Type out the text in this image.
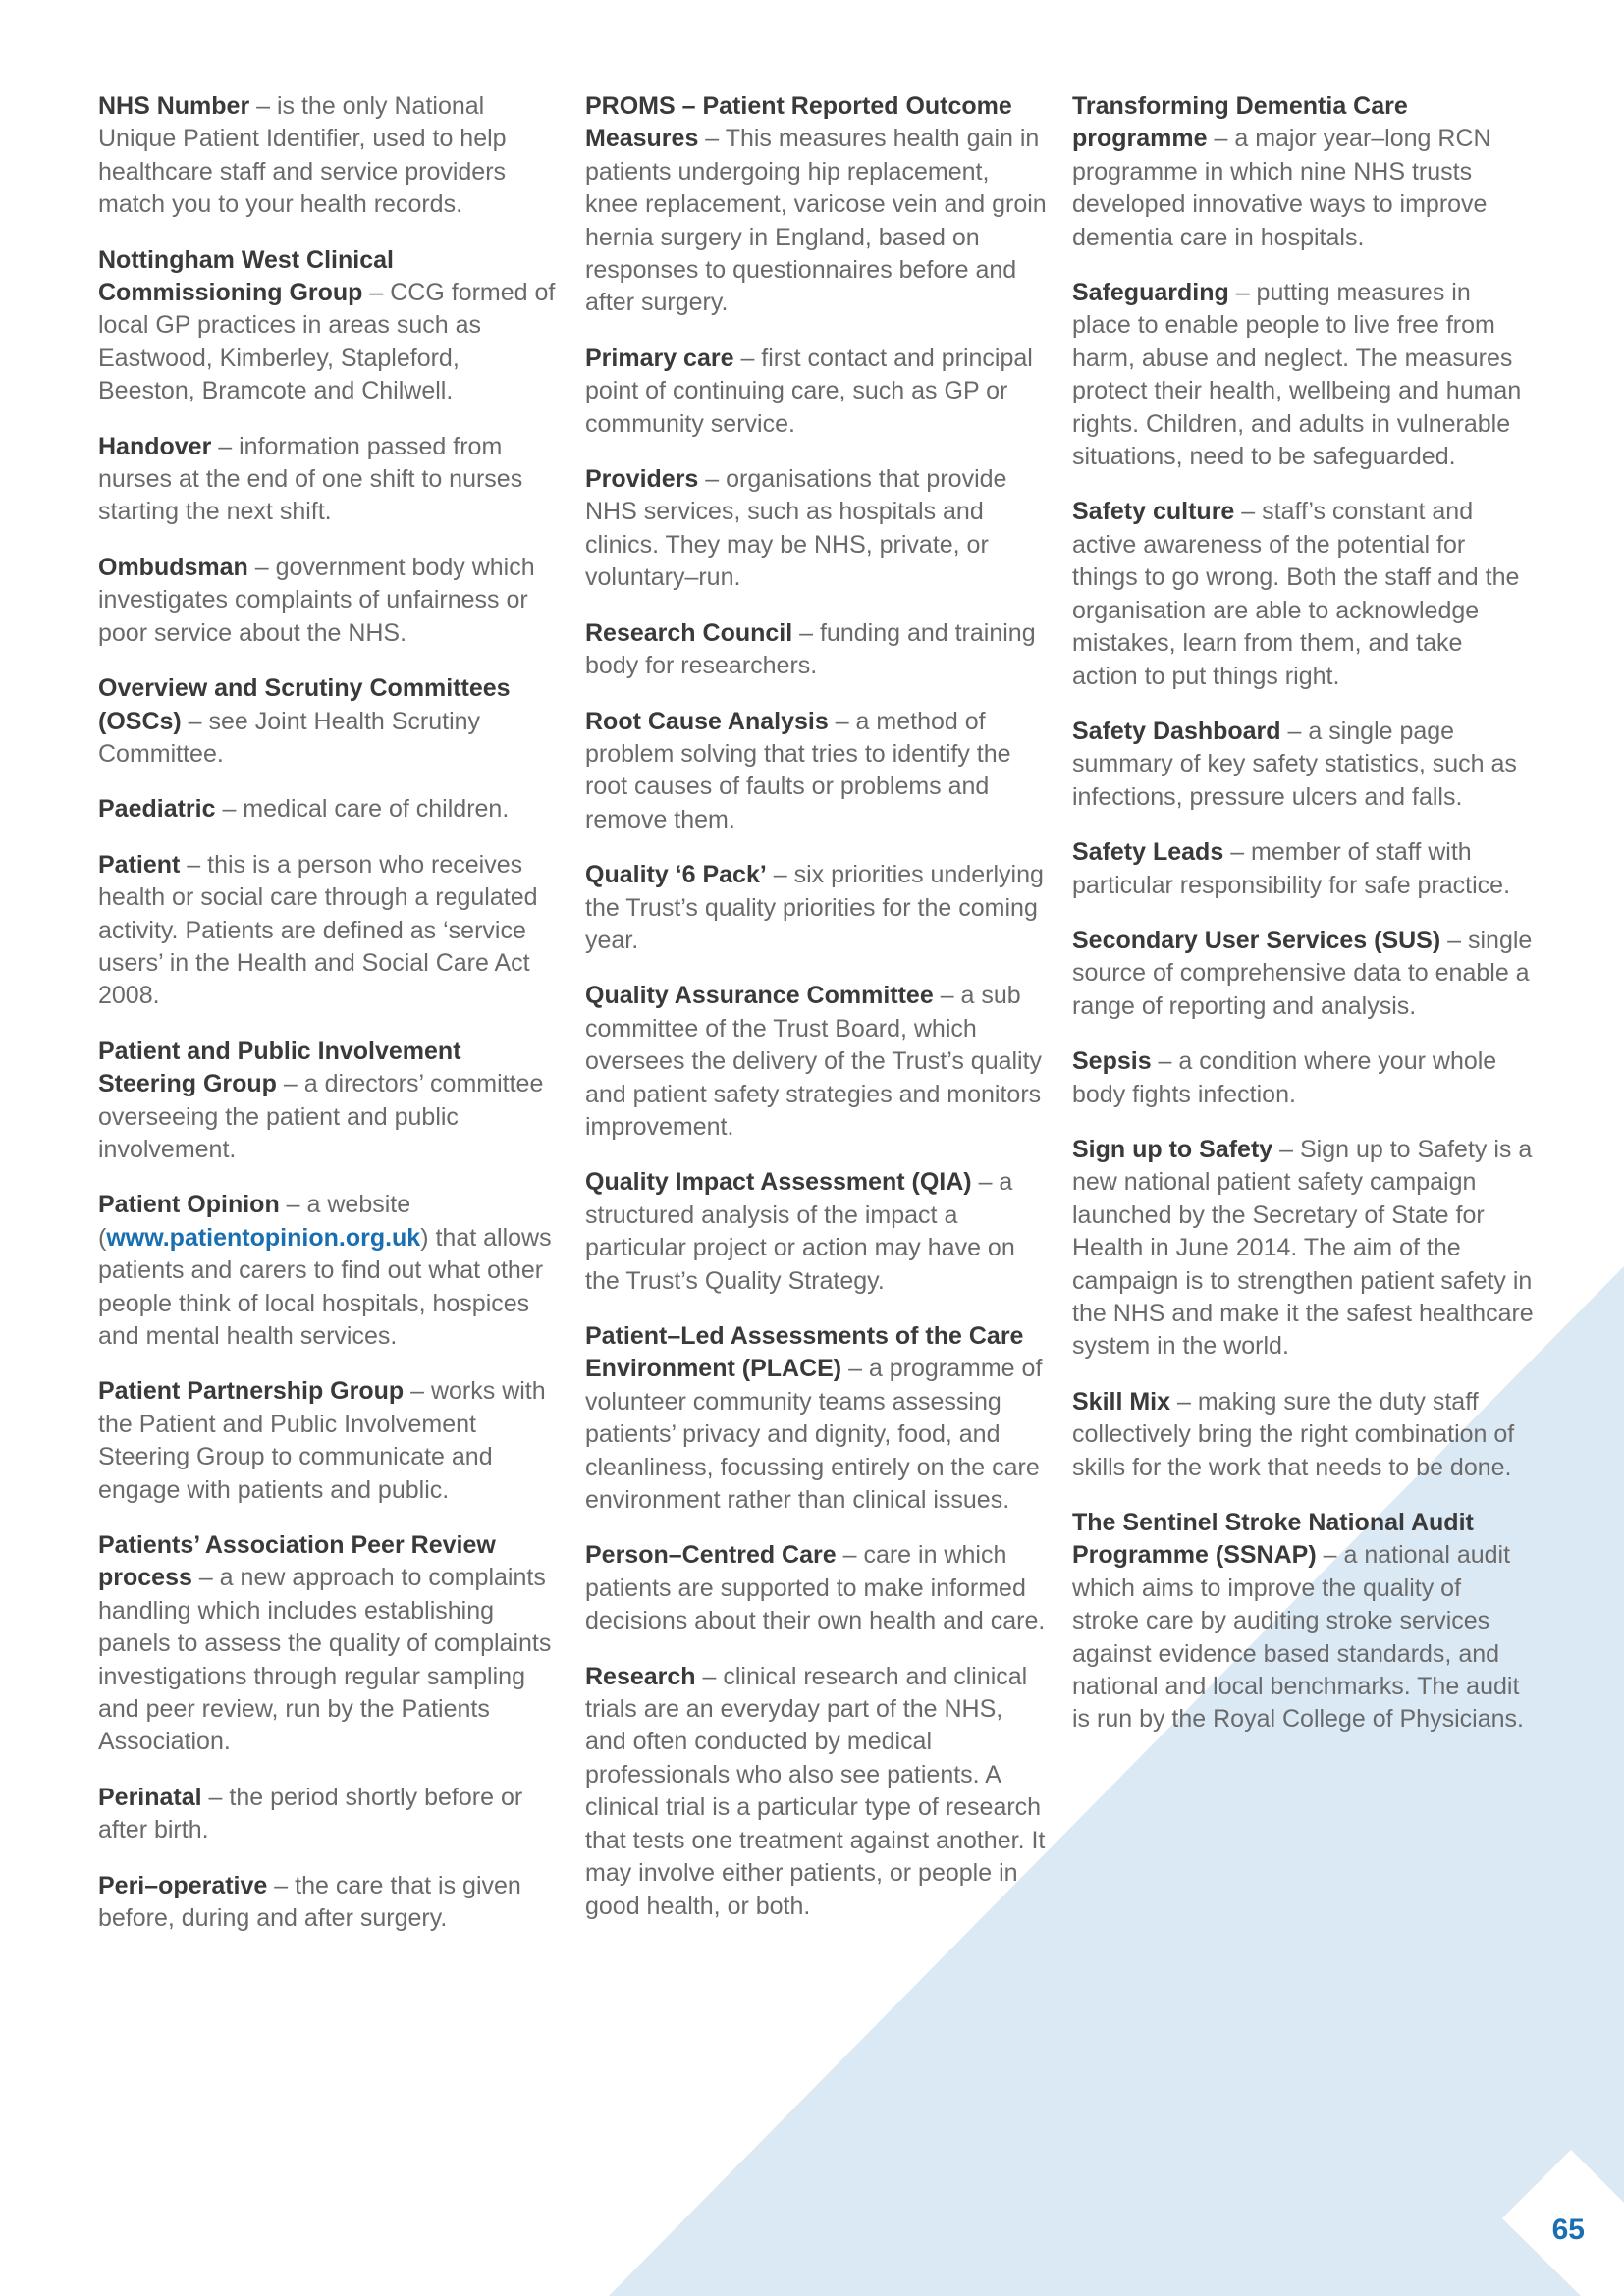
NHS Number – is the only National Unique Patient Identifier, used to help healthcare staff and service providers match you to your health records.

Nottingham West Clinical Commissioning Group – CCG formed of local GP practices in areas such as Eastwood, Kimberley, Stapleford, Beeston, Bramcote and Chilwell.

Handover – information passed from nurses at the end of one shift to nurses starting the next shift.

Ombudsman – government body which investigates complaints of unfairness or poor service about the NHS.

Overview and Scrutiny Committees (OSCs) – see Joint Health Scrutiny Committee.

Paediatric – medical care of children.

Patient – this is a person who receives health or social care through a regulated activity. Patients are defined as ‘service users’ in the Health and Social Care Act 2008.

Patient and Public Involvement Steering Group – a directors’ committee overseeing the patient and public involvement.

Patient Opinion – a website (www.patientopinion.org.uk) that allows patients and carers to find out what other people think of local hospitals, hospices and mental health services.

Patient Partnership Group – works with the Patient and Public Involvement Steering Group to communicate and engage with patients and public.

Patients’ Association Peer Review process – a new approach to complaints handling which includes establishing panels to assess the quality of complaints investigations through regular sampling and peer review, run by the Patients Association.

Perinatal – the period shortly before or after birth.

Peri–operative – the care that is given before, during and after surgery.

PROMS – Patient Reported Outcome Measures – This measures health gain in patients undergoing hip replacement, knee replacement, varicose vein and groin hernia surgery in England, based on responses to questionnaires before and after surgery.

Primary care – first contact and principal point of continuing care, such as GP or community service.

Providers – organisations that provide NHS services, such as hospitals and clinics. They may be NHS, private, or voluntary–run.

Research Council – funding and training body for researchers.

Root Cause Analysis – a method of problem solving that tries to identify the root causes of faults or problems and remove them.

Quality ‘6 Pack’ – six priorities underlying the Trust’s quality priorities for the coming year.

Quality Assurance Committee – a sub committee of the Trust Board, which oversees the delivery of the Trust’s quality and patient safety strategies and monitors improvement.

Quality Impact Assessment (QIA) – a structured analysis of the impact a particular project or action may have on the Trust’s Quality Strategy.

Patient–Led Assessments of the Care Environment (PLACE) – a programme of volunteer community teams assessing patients’ privacy and dignity, food, and cleanliness, focussing entirely on the care environment rather than clinical issues.

Person–Centred Care – care in which patients are supported to make informed decisions about their own health and care.

Research – clinical research and clinical trials are an everyday part of the NHS, and often conducted by medical professionals who also see patients. A clinical trial is a particular type of research that tests one treatment against another. It may involve either patients, or people in good health, or both.

Transforming Dementia Care programme – a major year–long RCN programme in which nine NHS trusts developed innovative ways to improve dementia care in hospitals.

Safeguarding – putting measures in place to enable people to live free from harm, abuse and neglect. The measures protect their health, wellbeing and human rights. Children, and adults in vulnerable situations, need to be safeguarded.

Safety culture – staff’s constant and active awareness of the potential for things to go wrong. Both the staff and the organisation are able to acknowledge mistakes, learn from them, and take action to put things right.

Safety Dashboard – a single page summary of key safety statistics, such as infections, pressure ulcers and falls.

Safety Leads – member of staff with particular responsibility for safe practice.

Secondary User Services (SUS) – single source of comprehensive data to enable a range of reporting and analysis.

Sepsis – a condition where your whole body fights infection.

Sign up to Safety – Sign up to Safety is a new national patient safety campaign launched by the Secretary of State for Health in June 2014. The aim of the campaign is to strengthen patient safety in the NHS and make it the safest healthcare system in the world.

Skill Mix – making sure the duty staff collectively bring the right combination of skills for the work that needs to be done.

The Sentinel Stroke National Audit Programme (SSNAP) – a national audit which aims to improve the quality of stroke care by auditing stroke services against evidence based standards, and national and local benchmarks. The audit is run by the Royal College of Physicians.

65
